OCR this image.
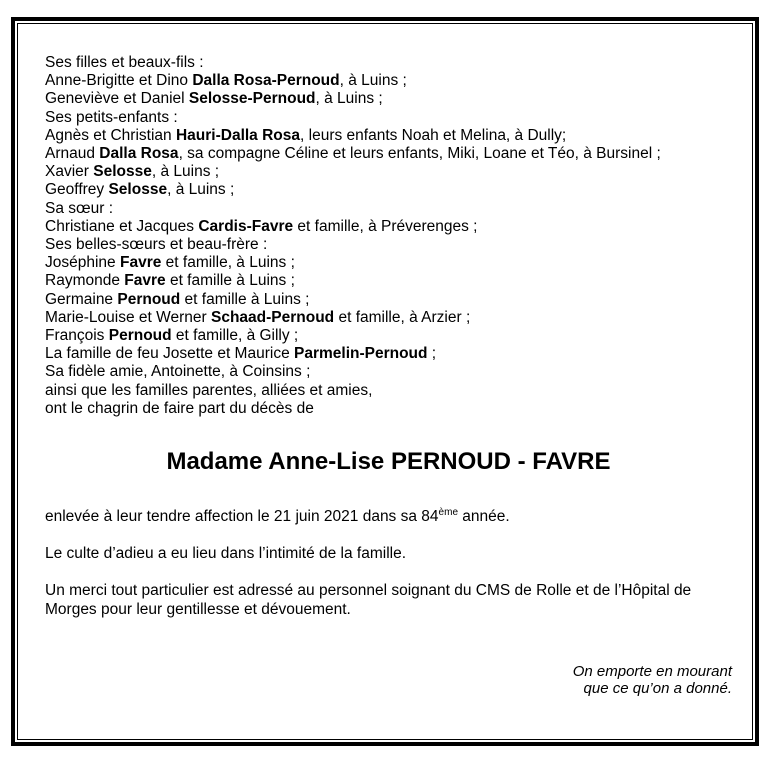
Ses filles et beaux-fils :
Anne-Brigitte et Dino Dalla Rosa-Pernoud, à Luins ;
Geneviève et Daniel Selosse-Pernoud, à Luins ;
Ses petits-enfants :
Agnès et Christian Hauri-Dalla Rosa, leurs enfants Noah et Melina, à Dully;
Arnaud Dalla Rosa, sa compagne Céline et leurs enfants, Miki, Loane et Téo, à Bursinel ;
Xavier Selosse, à Luins ;
Geoffrey Selosse, à Luins ;
Sa sœur :
Christiane et Jacques Cardis-Favre et famille, à Préverenges ;
Ses belles-sœurs et beau-frère :
Joséphine Favre et famille, à Luins ;
Raymonde Favre et famille à Luins ;
Germaine Pernoud et famille à Luins ;
Marie-Louise et Werner Schaad-Pernoud et famille, à Arzier ;
François Pernoud et famille, à Gilly ;
La famille de feu Josette et Maurice Parmelin-Pernoud ;
Sa fidèle amie, Antoinette, à Coinsins ;
ainsi que les familles parentes, alliées et amies,
ont le chagrin de faire part du décès de
Madame Anne-Lise PERNOUD - FAVRE

enlevée à leur tendre affection le 21 juin 2021 dans sa 84ème année.

Le culte d’adieu a eu lieu dans l’intimité de la famille.

Un merci tout particulier est adressé au personnel soignant du CMS de Rolle et de l’Hôpital de Morges pour leur gentillesse et dévouement.

On emporte en mourant
que ce qu’on a donné.
